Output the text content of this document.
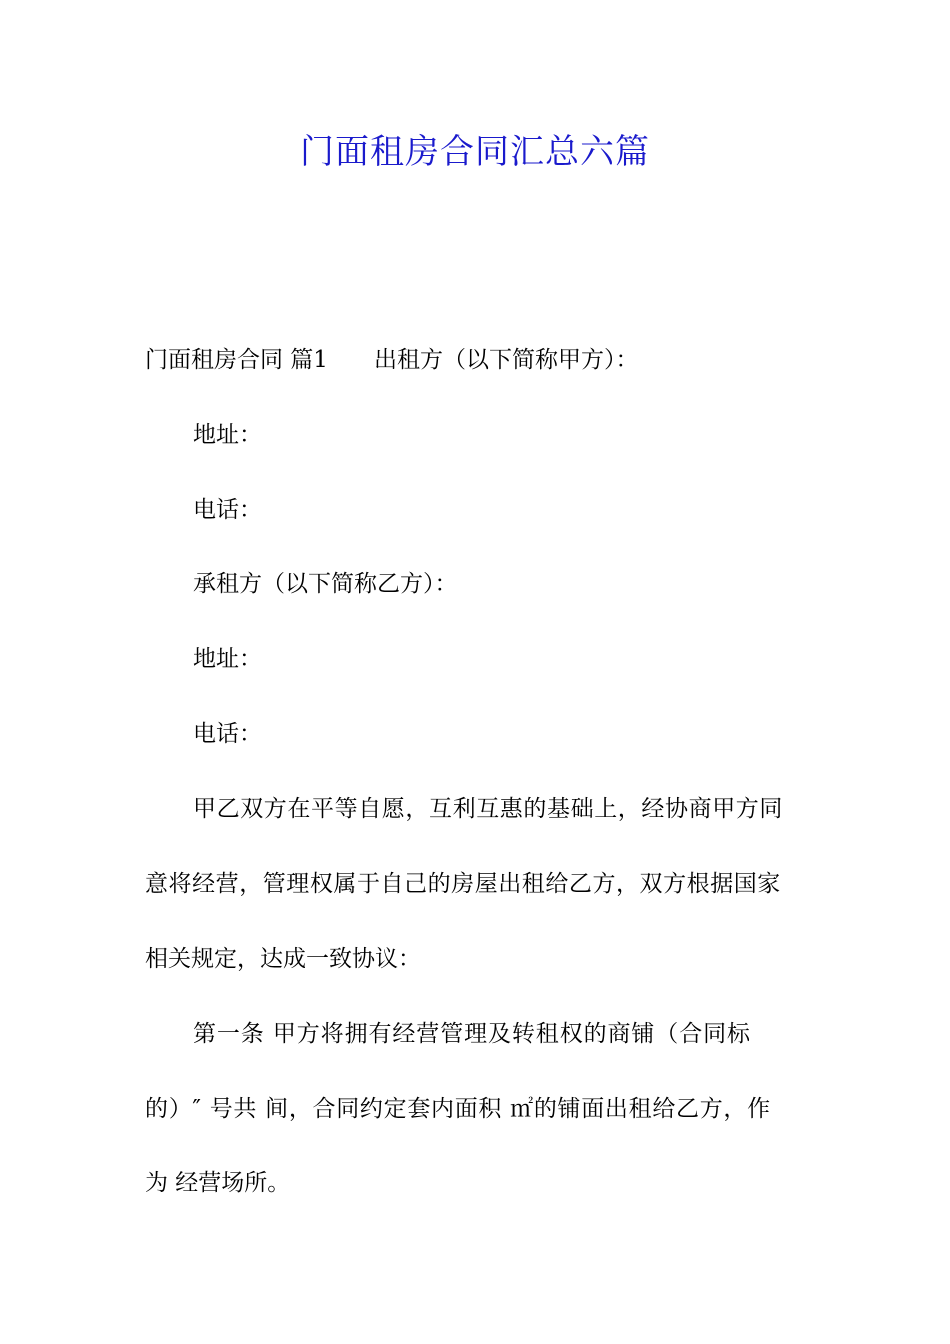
门面租房合同汇总六篇
门面租房合同 篇1 出租方（以下简称甲方）：
地址：
电话：
承租方（以下简称乙方）：
地址：
电话：
甲乙双方在平等自愿，互利互惠的基础上，经协商甲方同
意将经营，管理权属于自己的房屋出租给乙方，双方根据国家
相关规定，达成一致协议：
第一条 甲方将拥有经营管理及转租权的商铺（合同标
的）″ 号共 间，合同约定套内面积 ㎡的铺面出租给乙方，作
为 经营场所。
